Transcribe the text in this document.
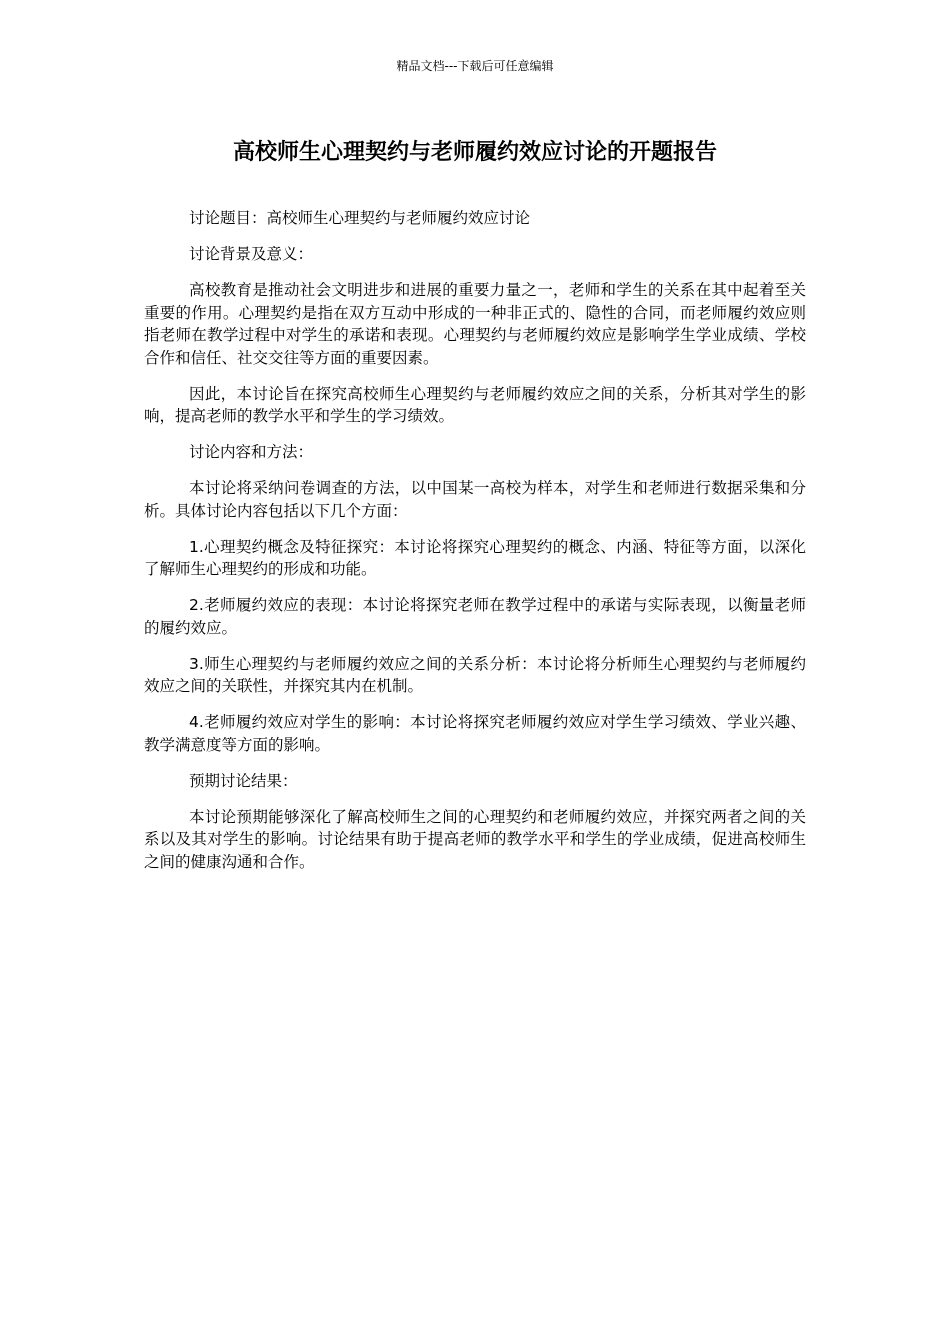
精品文档---下载后可任意编辑
高校师生心理契约与老师履约效应讨论的开题报告

讨论题目：高校师生心理契约与老师履约效应讨论

讨论背景及意义：

高校教育是推动社会文明进步和进展的重要力量之一，老师和学生的关系在其中起着至关重要的作用。心理契约是指在双方互动中形成的一种非正式的、隐性的合同，而老师履约效应则指老师在教学过程中对学生的承诺和表现。心理契约与老师履约效应是影响学生学业成绩、学校合作和信任、社交交往等方面的重要因素。

因此，本讨论旨在探究高校师生心理契约与老师履约效应之间的关系，分析其对学生的影响，提高老师的教学水平和学生的学习绩效。

讨论内容和方法：

本讨论将采纳问卷调查的方法，以中国某一高校为样本，对学生和老师进行数据采集和分析。具体讨论内容包括以下几个方面：

1.心理契约概念及特征探究：本讨论将探究心理契约的概念、内涵、特征等方面，以深化了解师生心理契约的形成和功能。

2.老师履约效应的表现：本讨论将探究老师在教学过程中的承诺与实际表现，以衡量老师的履约效应。

3.师生心理契约与老师履约效应之间的关系分析：本讨论将分析师生心理契约与老师履约效应之间的关联性，并探究其内在机制。

4.老师履约效应对学生的影响：本讨论将探究老师履约效应对学生学习绩效、学业兴趣、教学满意度等方面的影响。

预期讨论结果：

本讨论预期能够深化了解高校师生之间的心理契约和老师履约效应，并探究两者之间的关系以及其对学生的影响。讨论结果有助于提高老师的教学水平和学生的学业成绩，促进高校师生之间的健康沟通和合作。
